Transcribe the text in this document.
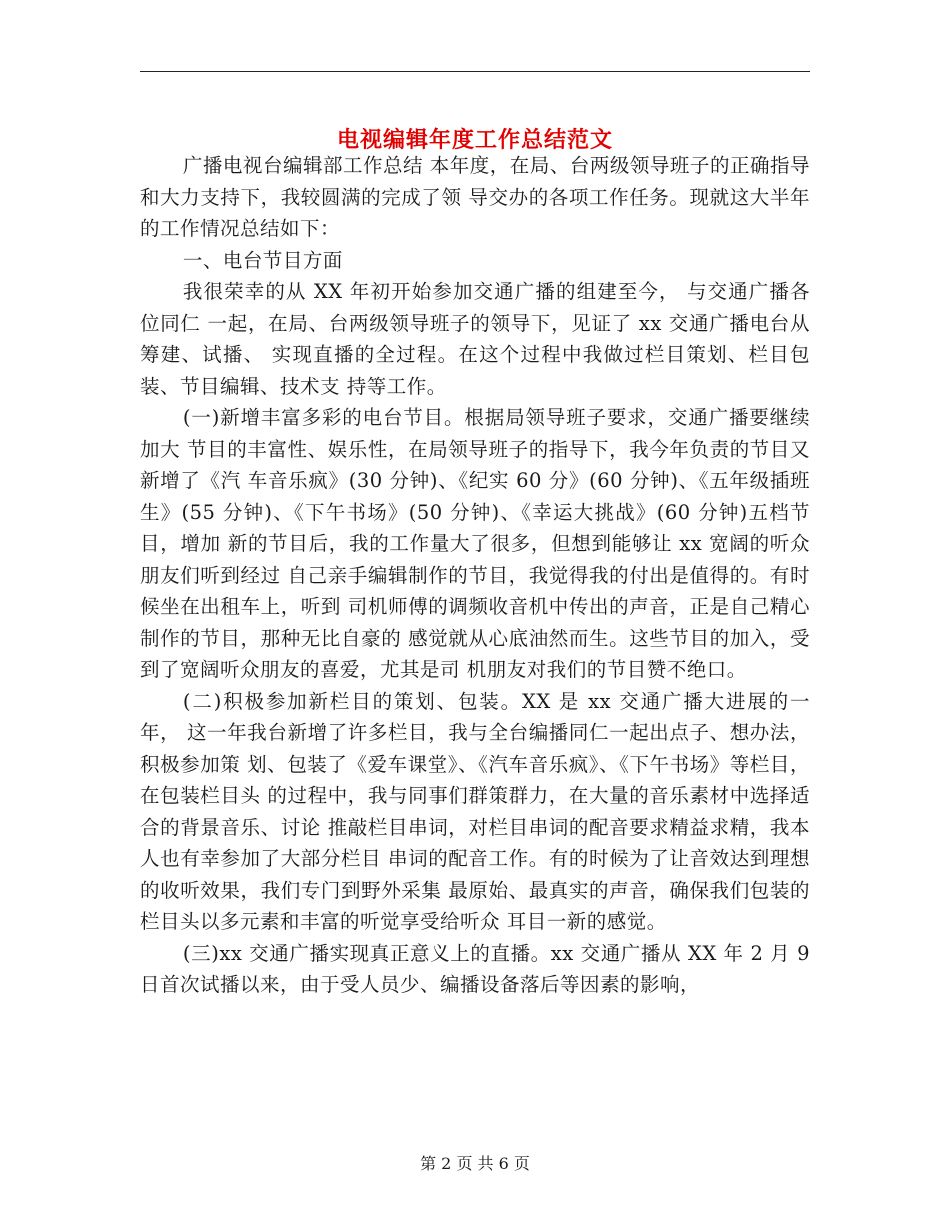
电视编辑年度工作总结范文

广播电视台编辑部工作总结 本年度，在局、台两级领导班子的正确指导和大力支持下，我较圆满的完成了领 导交办的各项工作任务。现就这大半年的工作情况总结如下：

一、电台节目方面

我很荣幸的从 XX 年初开始参加交通广播的组建至今， 与交通广播各位同仁 一起，在局、台两级领导班子的领导下，见证了 xx 交通广播电台从筹建、试播、 实现直播的全过程。在这个过程中我做过栏目策划、栏目包装、节目编辑、技术支 持等工作。

(一)新增丰富多彩的电台节目。根据局领导班子要求，交通广播要继续加大 节目的丰富性、娱乐性，在局领导班子的指导下，我今年负责的节目又新增了《汽 车音乐疯》(30 分钟)、《纪实 60 分》(60 分钟)、《五年级插班生》(55 分钟)、《下午书场》(50 分钟)、《幸运大挑战》(60 分钟)五档节目，增加 新的节目后，我的工作量大了很多，但想到能够让 xx 宽阔的听众朋友们听到经过 自己亲手编辑制作的节目，我觉得我的付出是值得的。有时候坐在出租车上，听到 司机师傅的调频收音机中传出的声音，正是自己精心制作的节目，那种无比自豪的 感觉就从心底油然而生。这些节目的加入，受到了宽阔听众朋友的喜爱，尤其是司 机朋友对我们的节目赞不绝口。

(二)积极参加新栏目的策划、包装。XX 是 xx 交通广播大进展的一年， 这一年我台新增了许多栏目，我与全台编播同仁一起出点子、想办法，积极参加策 划、包装了《爱车课堂》、《汽车音乐疯》、《下午书场》等栏目，在包装栏目头 的过程中，我与同事们群策群力，在大量的音乐素材中选择适合的背景音乐、讨论 推敲栏目串词，对栏目串词的配音要求精益求精，我本人也有幸参加了大部分栏目 串词的配音工作。有的时候为了让音效达到理想的收听效果，我们专门到野外采集 最原始、最真实的声音，确保我们包装的栏目头以多元素和丰富的听觉享受给听众 耳目一新的感觉。

(三)xx 交通广播实现真正意义上的直播。xx 交通广播从 XX 年 2 月 9 日首次试播以来，由于受人员少、编播设备落后等因素的影响，

第 2 页 共 6 页
